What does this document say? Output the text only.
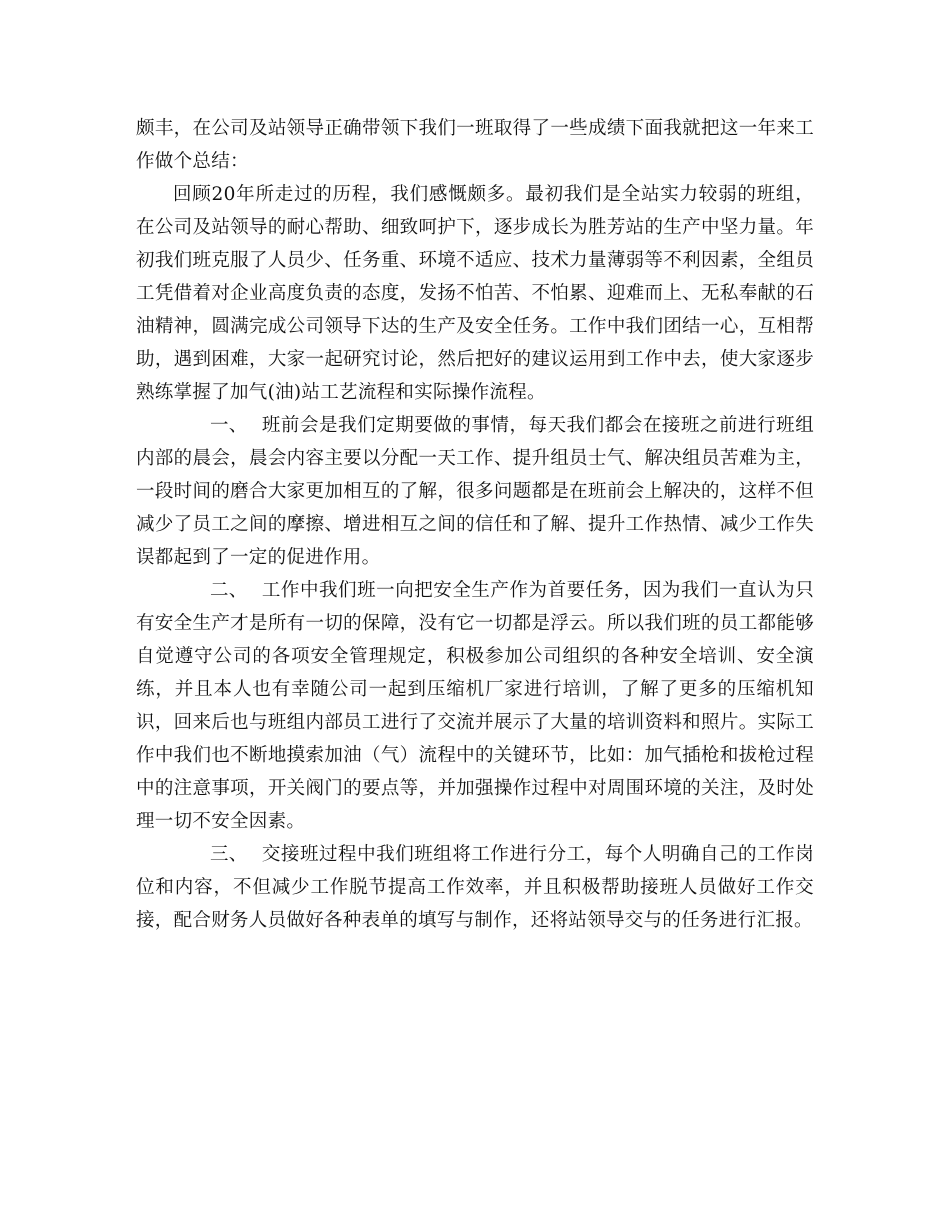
颇丰，在公司及站领导正确带领下我们一班取得了一些成绩下面我就把这一年来工作做个总结：

回顾20年所走过的历程，我们感慨颇多。最初我们是全站实力较弱的班组，在公司及站领导的耐心帮助、细致呵护下，逐步成长为胜芳站的生产中坚力量。年初我们班克服了人员少、任务重、环境不适应、技术力量薄弱等不利因素，全组员工凭借着对企业高度负责的态度，发扬不怕苦、不怕累、迎难而上、无私奉献的石油精神，圆满完成公司领导下达的生产及安全任务。工作中我们团结一心，互相帮助，遇到困难，大家一起研究讨论，然后把好的建议运用到工作中去，使大家逐步熟练掌握了加气(油)站工艺流程和实际操作流程。

一、 班前会是我们定期要做的事情，每天我们都会在接班之前进行班组内部的晨会，晨会内容主要以分配一天工作、提升组员士气、解决组员苦难为主，一段时间的磨合大家更加相互的了解，很多问题都是在班前会上解决的，这样不但减少了员工之间的摩擦、增进相互之间的信任和了解、提升工作热情、减少工作失误都起到了一定的促进作用。

二、 工作中我们班一向把安全生产作为首要任务，因为我们一直认为只有安全生产才是所有一切的保障，没有它一切都是浮云。所以我们班的员工都能够自觉遵守公司的各项安全管理规定，积极参加公司组织的各种安全培训、安全演练，并且本人也有幸随公司一起到压缩机厂家进行培训，了解了更多的压缩机知识，回来后也与班组内部员工进行了交流并展示了大量的培训资料和照片。实际工作中我们也不断地摸索加油（气）流程中的关键环节，比如：加气插枪和拔枪过程中的注意事项，开关阀门的要点等，并加强操作过程中对周围环境的关注，及时处理一切不安全因素。

三、 交接班过程中我们班组将工作进行分工，每个人明确自己的工作岗位和内容，不但减少工作脱节提高工作效率，并且积极帮助接班人员做好工作交接，配合财务人员做好各种表单的填写与制作，还将站领导交与的任务进行汇报。
